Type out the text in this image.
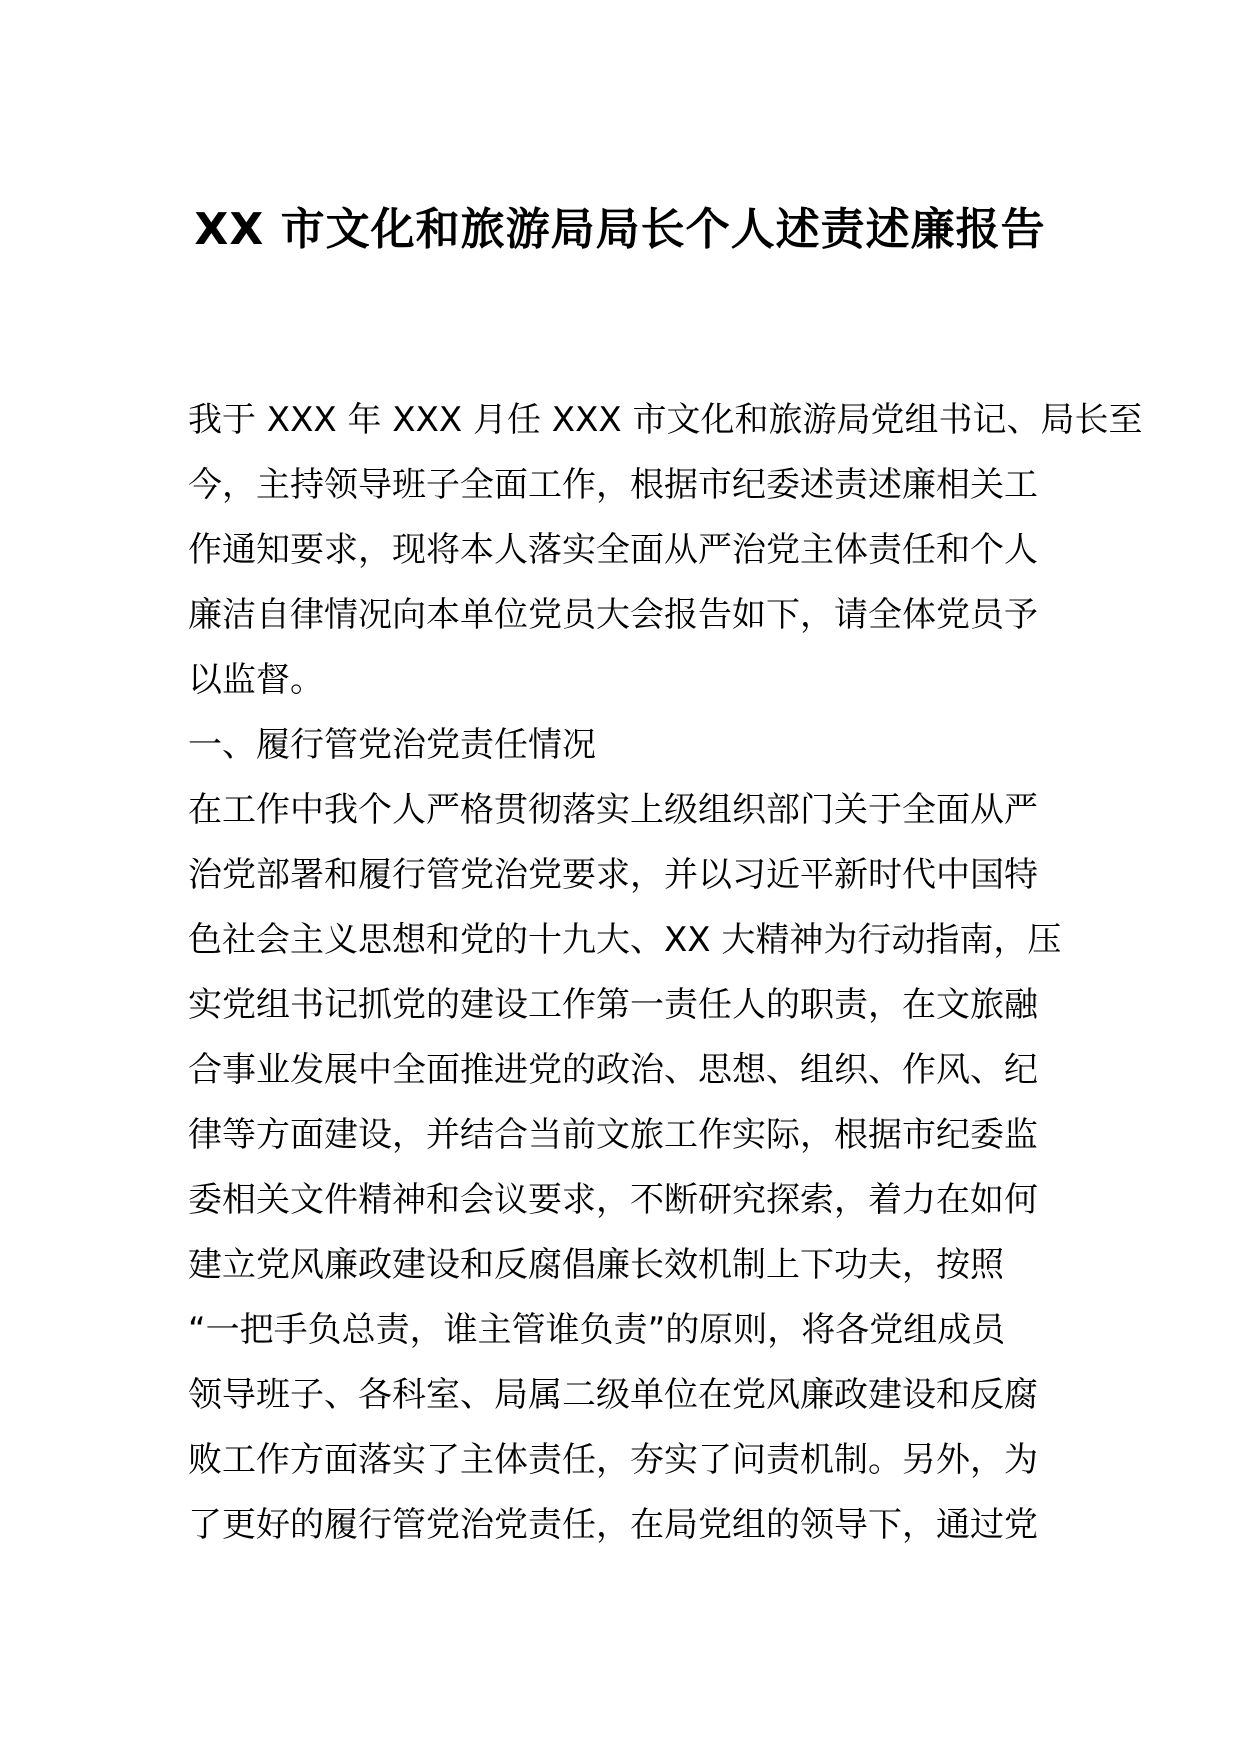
XX 市文化和旅游局局长个人述责述廉报告
我于 XXX 年 XXX 月任 XXX 市文化和旅游局党组书记、局长至
今，主持领导班子全面工作，根据市纪委述责述廉相关工
作通知要求，现将本人落实全面从严治党主体责任和个人
廉洁自律情况向本单位党员大会报告如下，请全体党员予
以监督。
一、履行管党治党责任情况
在工作中我个人严格贯彻落实上级组织部门关于全面从严
治党部署和履行管党治党要求，并以习近平新时代中国特
色社会主义思想和党的十九大、XX 大精神为行动指南，压
实党组书记抓党的建设工作第一责任人的职责，在文旅融
合事业发展中全面推进党的政治、思想、组织、作风、纪
律等方面建设，并结合当前文旅工作实际，根据市纪委监
委相关文件精神和会议要求，不断研究探索，着力在如何
建立党风廉政建设和反腐倡廉长效机制上下功夫，按照
“一把手负总责，谁主管谁负责”的原则，将各党组成员
领导班子、各科室、局属二级单位在党风廉政建设和反腐
败工作方面落实了主体责任，夯实了问责机制。另外，为
了更好的履行管党治党责任，在局党组的领导下，通过党
